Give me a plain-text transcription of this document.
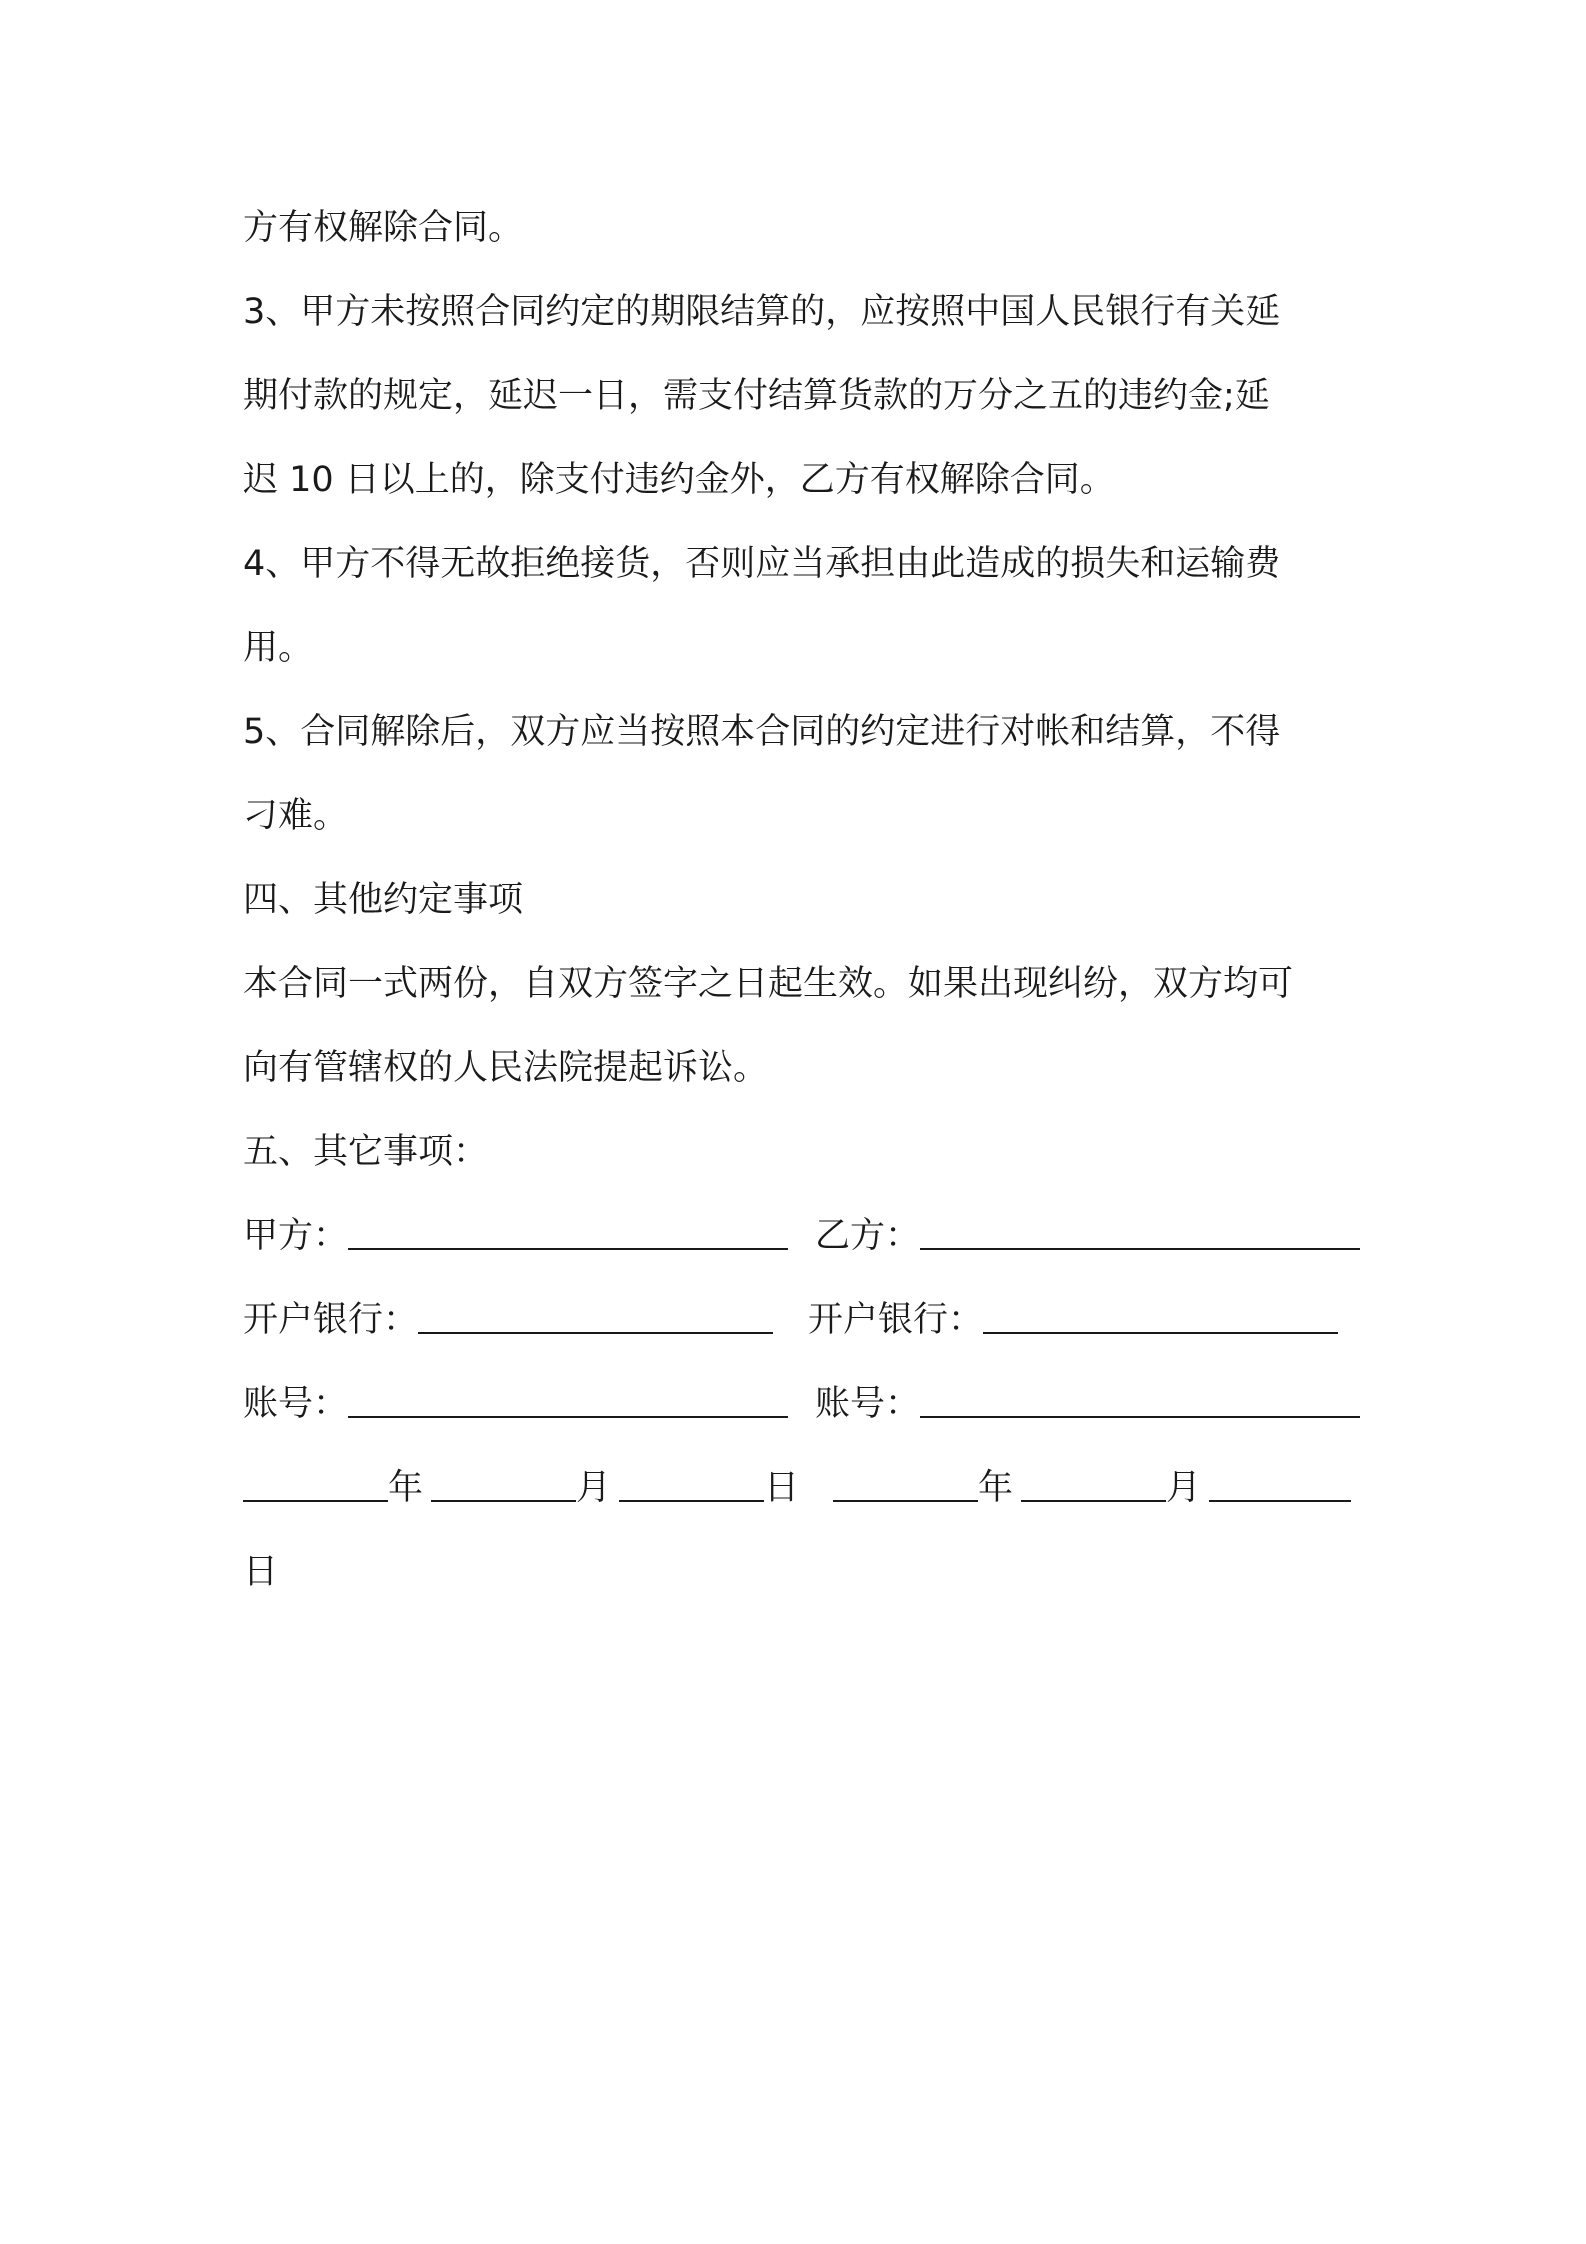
方有权解除合同。
3、甲方未按照合同约定的期限结算的，应按照中国人民银行有关延
期付款的规定，延迟一日，需支付结算货款的万分之五的违约金;延
迟 10 日以上的，除支付违约金外，乙方有权解除合同。
4、甲方不得无故拒绝接货，否则应当承担由此造成的损失和运输费
用。
5、合同解除后，双方应当按照本合同的约定进行对帐和结算，不得
刁难。
四、其他约定事项
本合同一式两份，自双方签字之日起生效。如果出现纠纷，双方均可
向有管辖权的人民法院提起诉讼。
五、其它事项：
甲方：	乙方：
开户银行：	开户银行：
账号：	账号：
年	月	日	年	月
日
